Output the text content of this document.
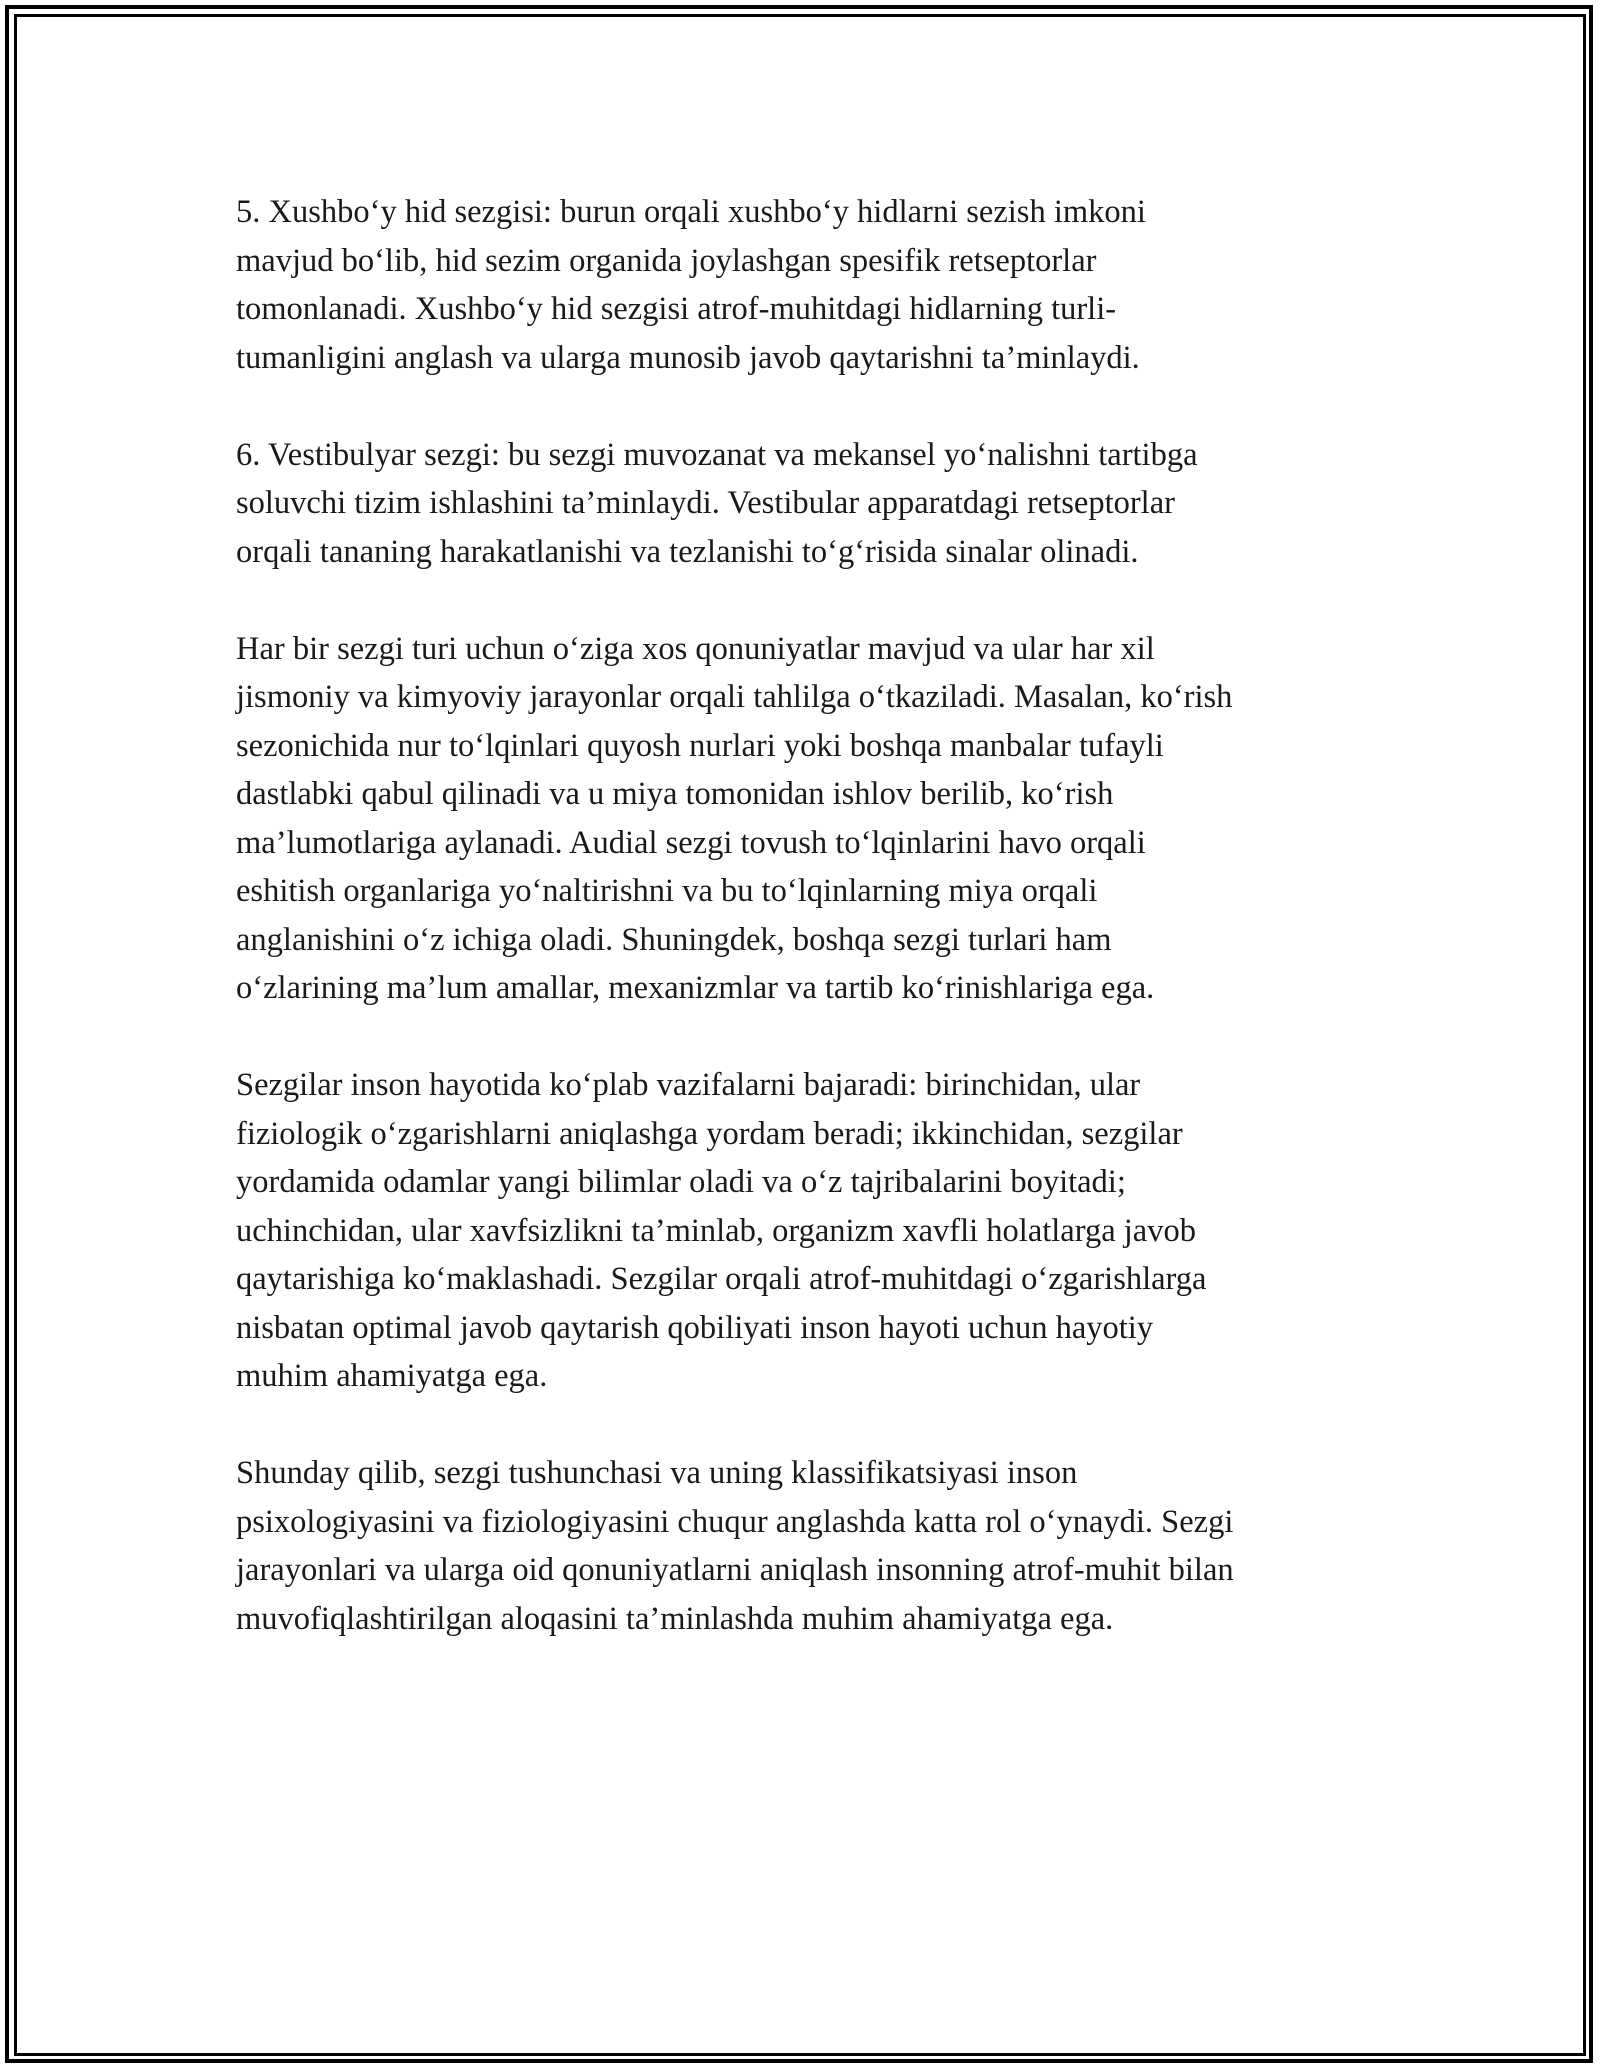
5. Xushbo‘y hid sezgisi: burun orqali xushbo‘y hidlarni sezish imkoni
mavjud bo‘lib, hid sezim organida joylashgan spesifik retseptorlar
tomonlanadi. Xushbo‘y hid sezgisi atrof-muhitdagi hidlarning turli-
tumanligini anglash va ularga munosib javob qaytarishni ta’minlaydi.

6. Vestibulyar sezgi: bu sezgi muvozanat va mekansel yo‘nalishni tartibga
soluvchi tizim ishlashini ta’minlaydi. Vestibular apparatdagi retseptorlar
orqali tananing harakatlanishi va tezlanishi to‘g‘risida sinalar olinadi.

Har bir sezgi turi uchun o‘ziga xos qonuniyatlar mavjud va ular har xil
jismoniy va kimyoviy jarayonlar orqali tahlilga o‘tkaziladi. Masalan, ko‘rish
sezonichida nur to‘lqinlari quyosh nurlari yoki boshqa manbalar tufayli
dastlabki qabul qilinadi va u miya tomonidan ishlov berilib, ko‘rish
ma’lumotlariga aylanadi. Audial sezgi tovush to‘lqinlarini havo orqali
eshitish organlariga yo‘naltirishni va bu to‘lqinlarning miya orqali
anglanishini o‘z ichiga oladi. Shuningdek, boshqa sezgi turlari ham
o‘zlarining ma’lum amallar, mexanizmlar va tartib ko‘rinishlariga ega.

Sezgilar inson hayotida ko‘plab vazifalarni bajaradi: birinchidan, ular
fiziologik o‘zgarishlarni aniqlashga yordam beradi; ikkinchidan, sezgilar
yordamida odamlar yangi bilimlar oladi va o‘z tajribalarini boyitadi;
uchinchidan, ular xavfsizlikni ta’minlab, organizm xavfli holatlarga javob
qaytarishiga ko‘maklashadi. Sezgilar orqali atrof-muhitdagi o‘zgarishlarga
nisbatan optimal javob qaytarish qobiliyati inson hayoti uchun hayotiy
muhim ahamiyatga ega.

Shunday qilib, sezgi tushunchasi va uning klassifikatsiyasi inson
psixologiyasini va fiziologiyasini chuqur anglashda katta rol o‘ynaydi. Sezgi
jarayonlari va ularga oid qonuniyatlarni aniqlash insonning atrof-muhit bilan
muvofiqlashtirilgan aloqasini ta’minlashda muhim ahamiyatga ega.
